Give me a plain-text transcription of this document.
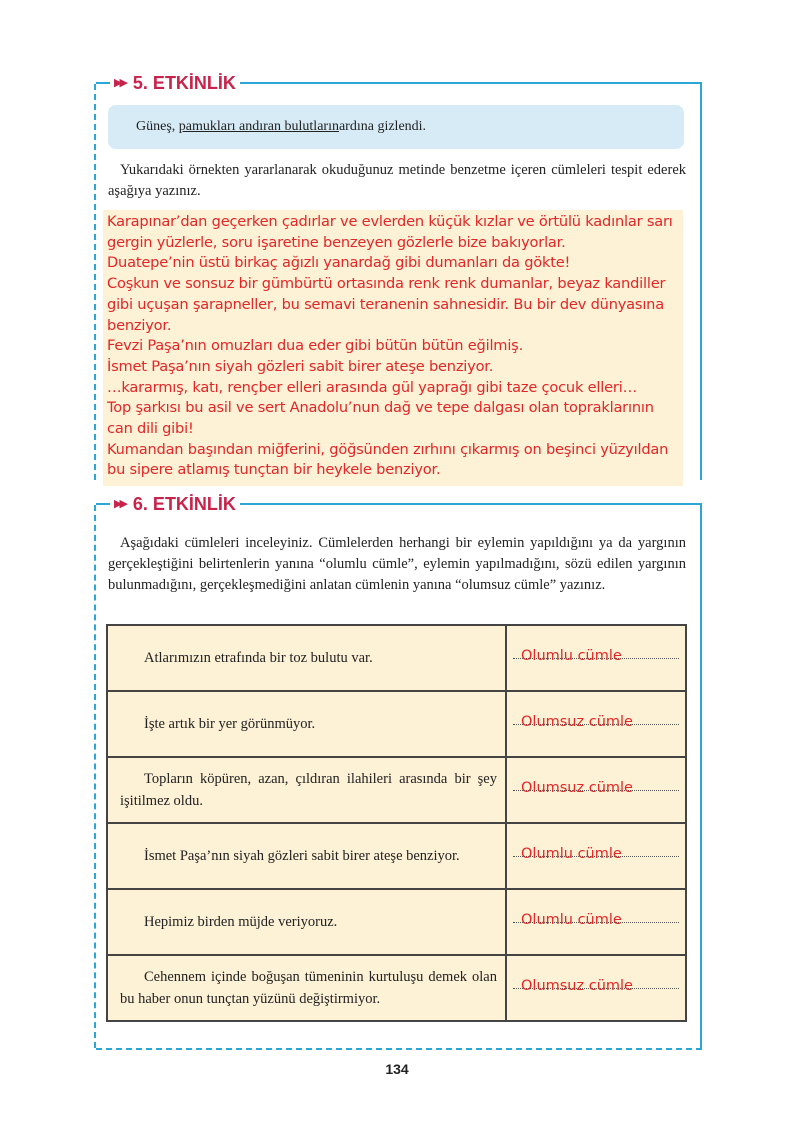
▶▶ 5. ETKİNLİK
Güneş,
pamukları andıran bulutların ardına gizlendi.
Yukarıdaki örnekten yararlanarak okuduğunuz metinde benzetme içeren cümleleri tespit ederek aşağıya yazınız.
Karapınar’dan geçerken çadırlar ve evlerden küçük kızlar ve örtülü kadınlar sarı
gergin yüzlerle, soru işaretine benzeyen gözlerle bize bakıyorlar.
Duatepe’nin üstü birkaç ağızlı yanardağ gibi dumanları da gökte!
Coşkun ve sonsuz bir gümbürtü ortasında renk renk dumanlar, beyaz kandiller
gibi uçuşan şarapneller, bu semavi teranenin sahnesidir. Bu bir dev dünyasına
benziyor.
Fevzi Paşa’nın omuzları dua eder gibi bütün bütün eğilmiş.
İsmet Paşa’nın siyah gözleri sabit birer ateşe benziyor.
…kararmış, katı, rençber elleri arasında gül yaprağı gibi taze çocuk elleri…
Top şarkısı bu asil ve sert Anadolu’nun dağ ve tepe dalgası olan topraklarının
can dili gibi!
Kumandan başından miğferini, göğsünden zırhını çıkarmış on beşinci yüzyıldan
bu sipere atlamış tunçtan bir heykele benziyor.
▶▶ 6. ETKİNLİK
Aşağıdaki cümleleri inceleyiniz. Cümlelerden herhangi bir eylemin yapıldığını ya da yargının gerçekleştiğini belirtenlerin yanına “olumlu cümle”, eylemin yapılmadığını, sözü edilen yargının bulunmadığını, gerçekleşmediğini anlatan cümlenin yanına “olumsuz cümle” yazınız.
Atlarımızın etrafında bir toz bulutu var.	Olumlu cümle

İşte artık bir yer görünmüyor.	Olumsuz cümle

Topların köpüren, azan, çıldıran ilahileri arasında bir şey işitilmez oldu.	Olumsuz cümle

İsmet Paşa’nın siyah gözleri sabit birer ateşe benziyor.	Olumlu cümle

Hepimiz birden müjde veriyoruz.	Olumlu cümle

Cehennem içinde boğuşan tümeninin kurtuluşu demek olan bu haber onun tunçtan yüzünü değiştirmiyor.	Olumsuz cümle
134
